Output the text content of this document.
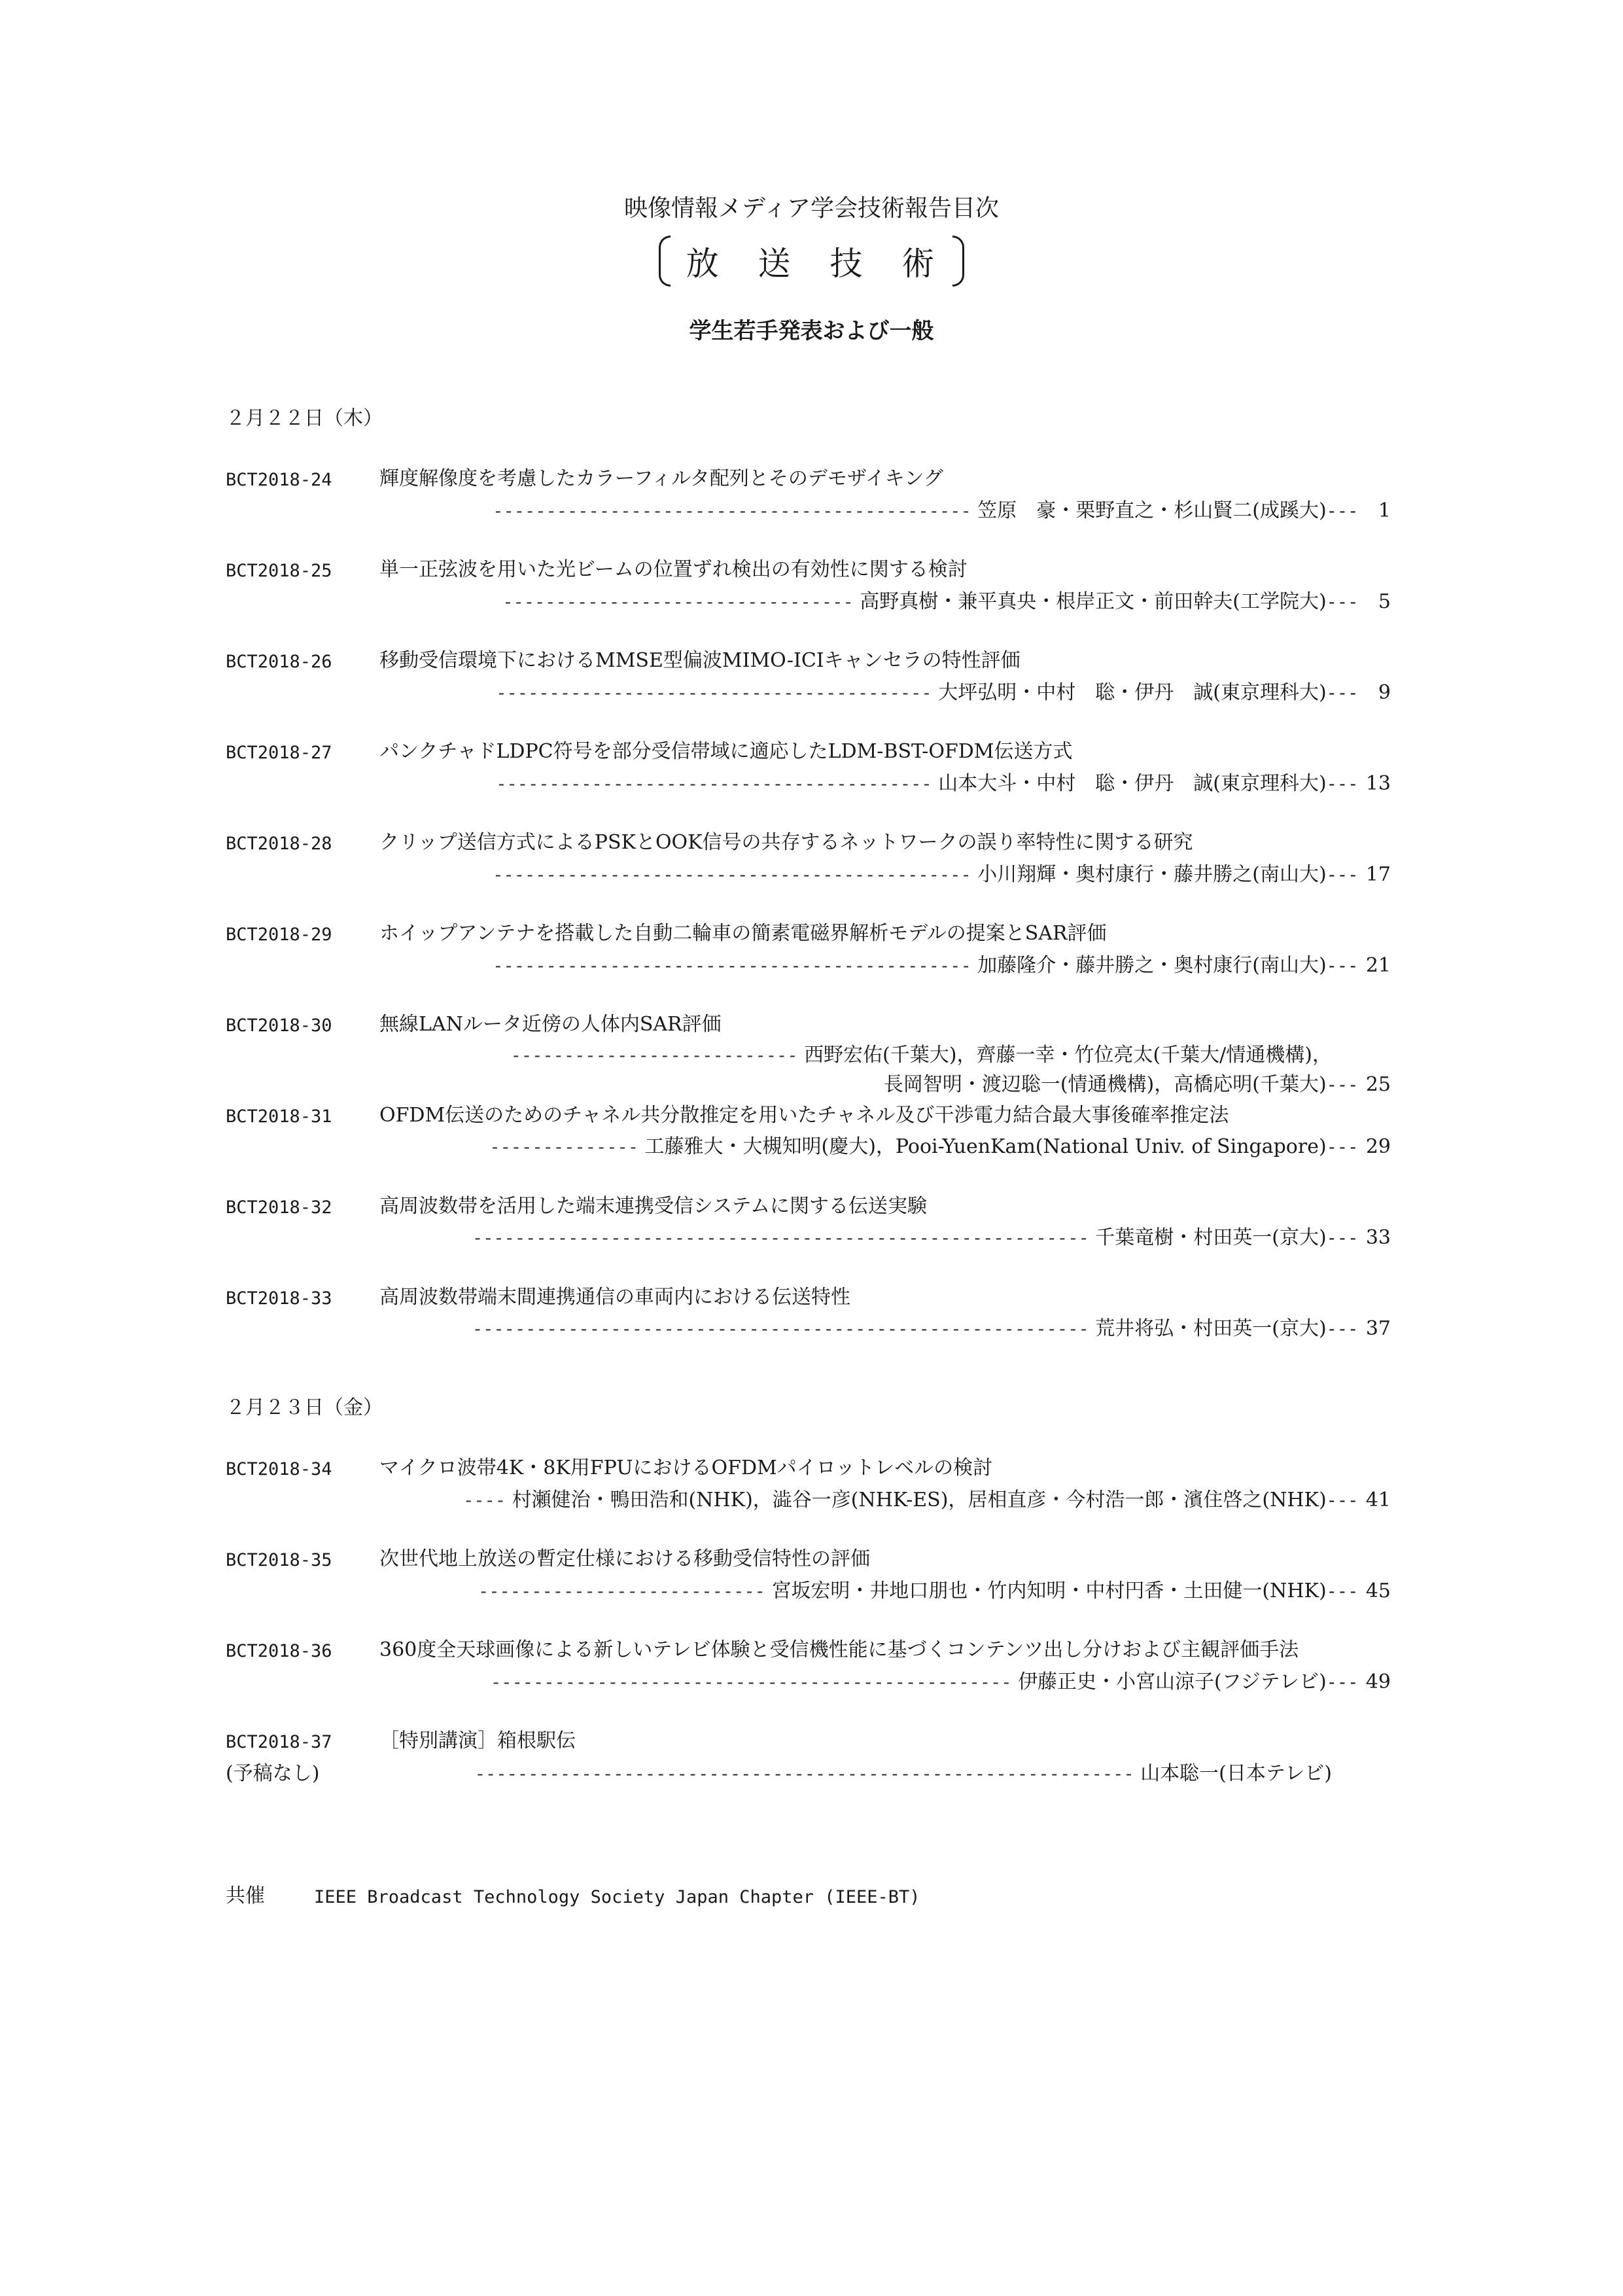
映像情報メディア学会技術報告目次
放 送 技 術
学生若手発表および一般
２月２２日（木）
BCT2018-24 輝度解像度を考慮したカラーフィルタ配列とそのデモザイキング
--------------------------------------------- 笠原　豪・栗野直之・杉山賢二(成蹊大)--- 1
BCT2018-25 単一正弦波を用いた光ビームの位置ずれ検出の有効性に関する検討
--------------------------------- 高野真樹・兼平真央・根岸正文・前田幹夫(工学院大)--- 5
BCT2018-26 移動受信環境下におけるMMSE型偏波MIMO-ICIキャンセラの特性評価
----------------------------------------- 大坪弘明・中村　聡・伊丹　誠(東京理科大)--- 9
BCT2018-27 パンクチャドLDPC符号を部分受信帯域に適応したLDM-BST-OFDM伝送方式
----------------------------------------- 山本大斗・中村　聡・伊丹　誠(東京理科大)--- 13
BCT2018-28 クリップ送信方式によるPSKとOOK信号の共存するネットワークの誤り率特性に関する研究
--------------------------------------------- 小川翔輝・奥村康行・藤井勝之(南山大)--- 17
BCT2018-29 ホイップアンテナを搭載した自動二輪車の簡素電磁界解析モデルの提案とSAR評価
--------------------------------------------- 加藤隆介・藤井勝之・奥村康行(南山大)--- 21
BCT2018-30 無線LANルータ近傍の人体内SAR評価
--------------------------- 西野宏佑(千葉大)，齊藤一幸・竹位亮太(千葉大/情通機構)，
長岡智明・渡辺聡一(情通機構)，高橋応明(千葉大)--- 25
BCT2018-31 OFDM伝送のためのチャネル共分散推定を用いたチャネル及び干渉電力結合最大事後確率推定法
-------------- 工藤雅大・大槻知明(慶大)，Pooi-YuenKam(National Univ. of Singapore)--- 29
BCT2018-32 高周波数帯を活用した端末連携受信システムに関する伝送実験
---------------------------------------------------------- 千葉竜樹・村田英一(京大)--- 33
BCT2018-33 高周波数帯端末間連携通信の車両内における伝送特性
---------------------------------------------------------- 荒井将弘・村田英一(京大)--- 37
２月２３日（金）
BCT2018-34 マイクロ波帯4K・8K用FPUにおけるOFDMパイロットレベルの検討
---- 村瀬健治・鴨田浩和(NHK)，澁谷一彦(NHK-ES)，居相直彦・今村浩一郎・濱住啓之(NHK)--- 41
BCT2018-35 次世代地上放送の暫定仕様における移動受信特性の評価
--------------------------- 宮坂宏明・井地口朋也・竹内知明・中村円香・土田健一(NHK)--- 45
BCT2018-36 360度全天球画像による新しいテレビ体験と受信機性能に基づくコンテンツ出し分けおよび主観評価手法
------------------------------------------------- 伊藤正史・小宮山涼子(フジテレビ)--- 49
BCT2018-37
(予稿なし)
［特別講演］箱根駅伝
-------------------------------------------------------------- 山本聡一(日本テレビ)
共催	IEEE Broadcast Technology Society Japan Chapter (IEEE-BT)
